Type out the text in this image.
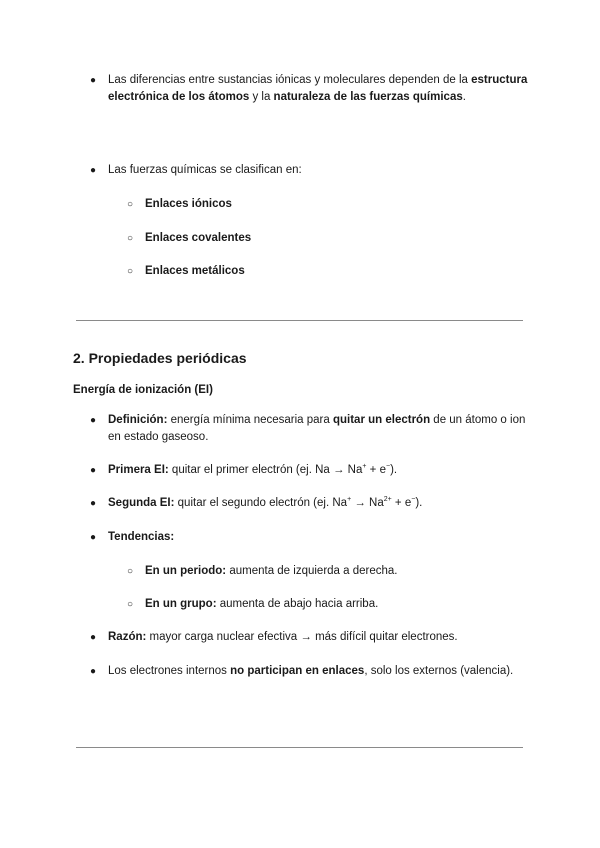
● Las diferencias entre sustancias iónicas y moleculares dependen de la estructura electrónica de los átomos y la naturaleza de las fuerzas químicas.
● Las fuerzas químicas se clasifican en:
○ Enlaces iónicos
○ Enlaces covalentes
○ Enlaces metálicos
2. Propiedades periódicas
Energía de ionización (EI)
● Definición: energía mínima necesaria para quitar un electrón de un átomo o ion en estado gaseoso.
● Primera EI: quitar el primer electrón (ej. Na → Na+ + e−).
● Segunda EI: quitar el segundo electrón (ej. $Na^+ \to Na^{2+} + e^-$).
● Tendencias:
○ En un periodo: aumenta de izquierda a derecha.
○ En un grupo: aumenta de abajo hacia arriba.
● Razón: mayor carga nuclear efectiva → más difícil quitar electrones.
● Los electrones internos no participan en enlaces, solo los externos (valencia).
